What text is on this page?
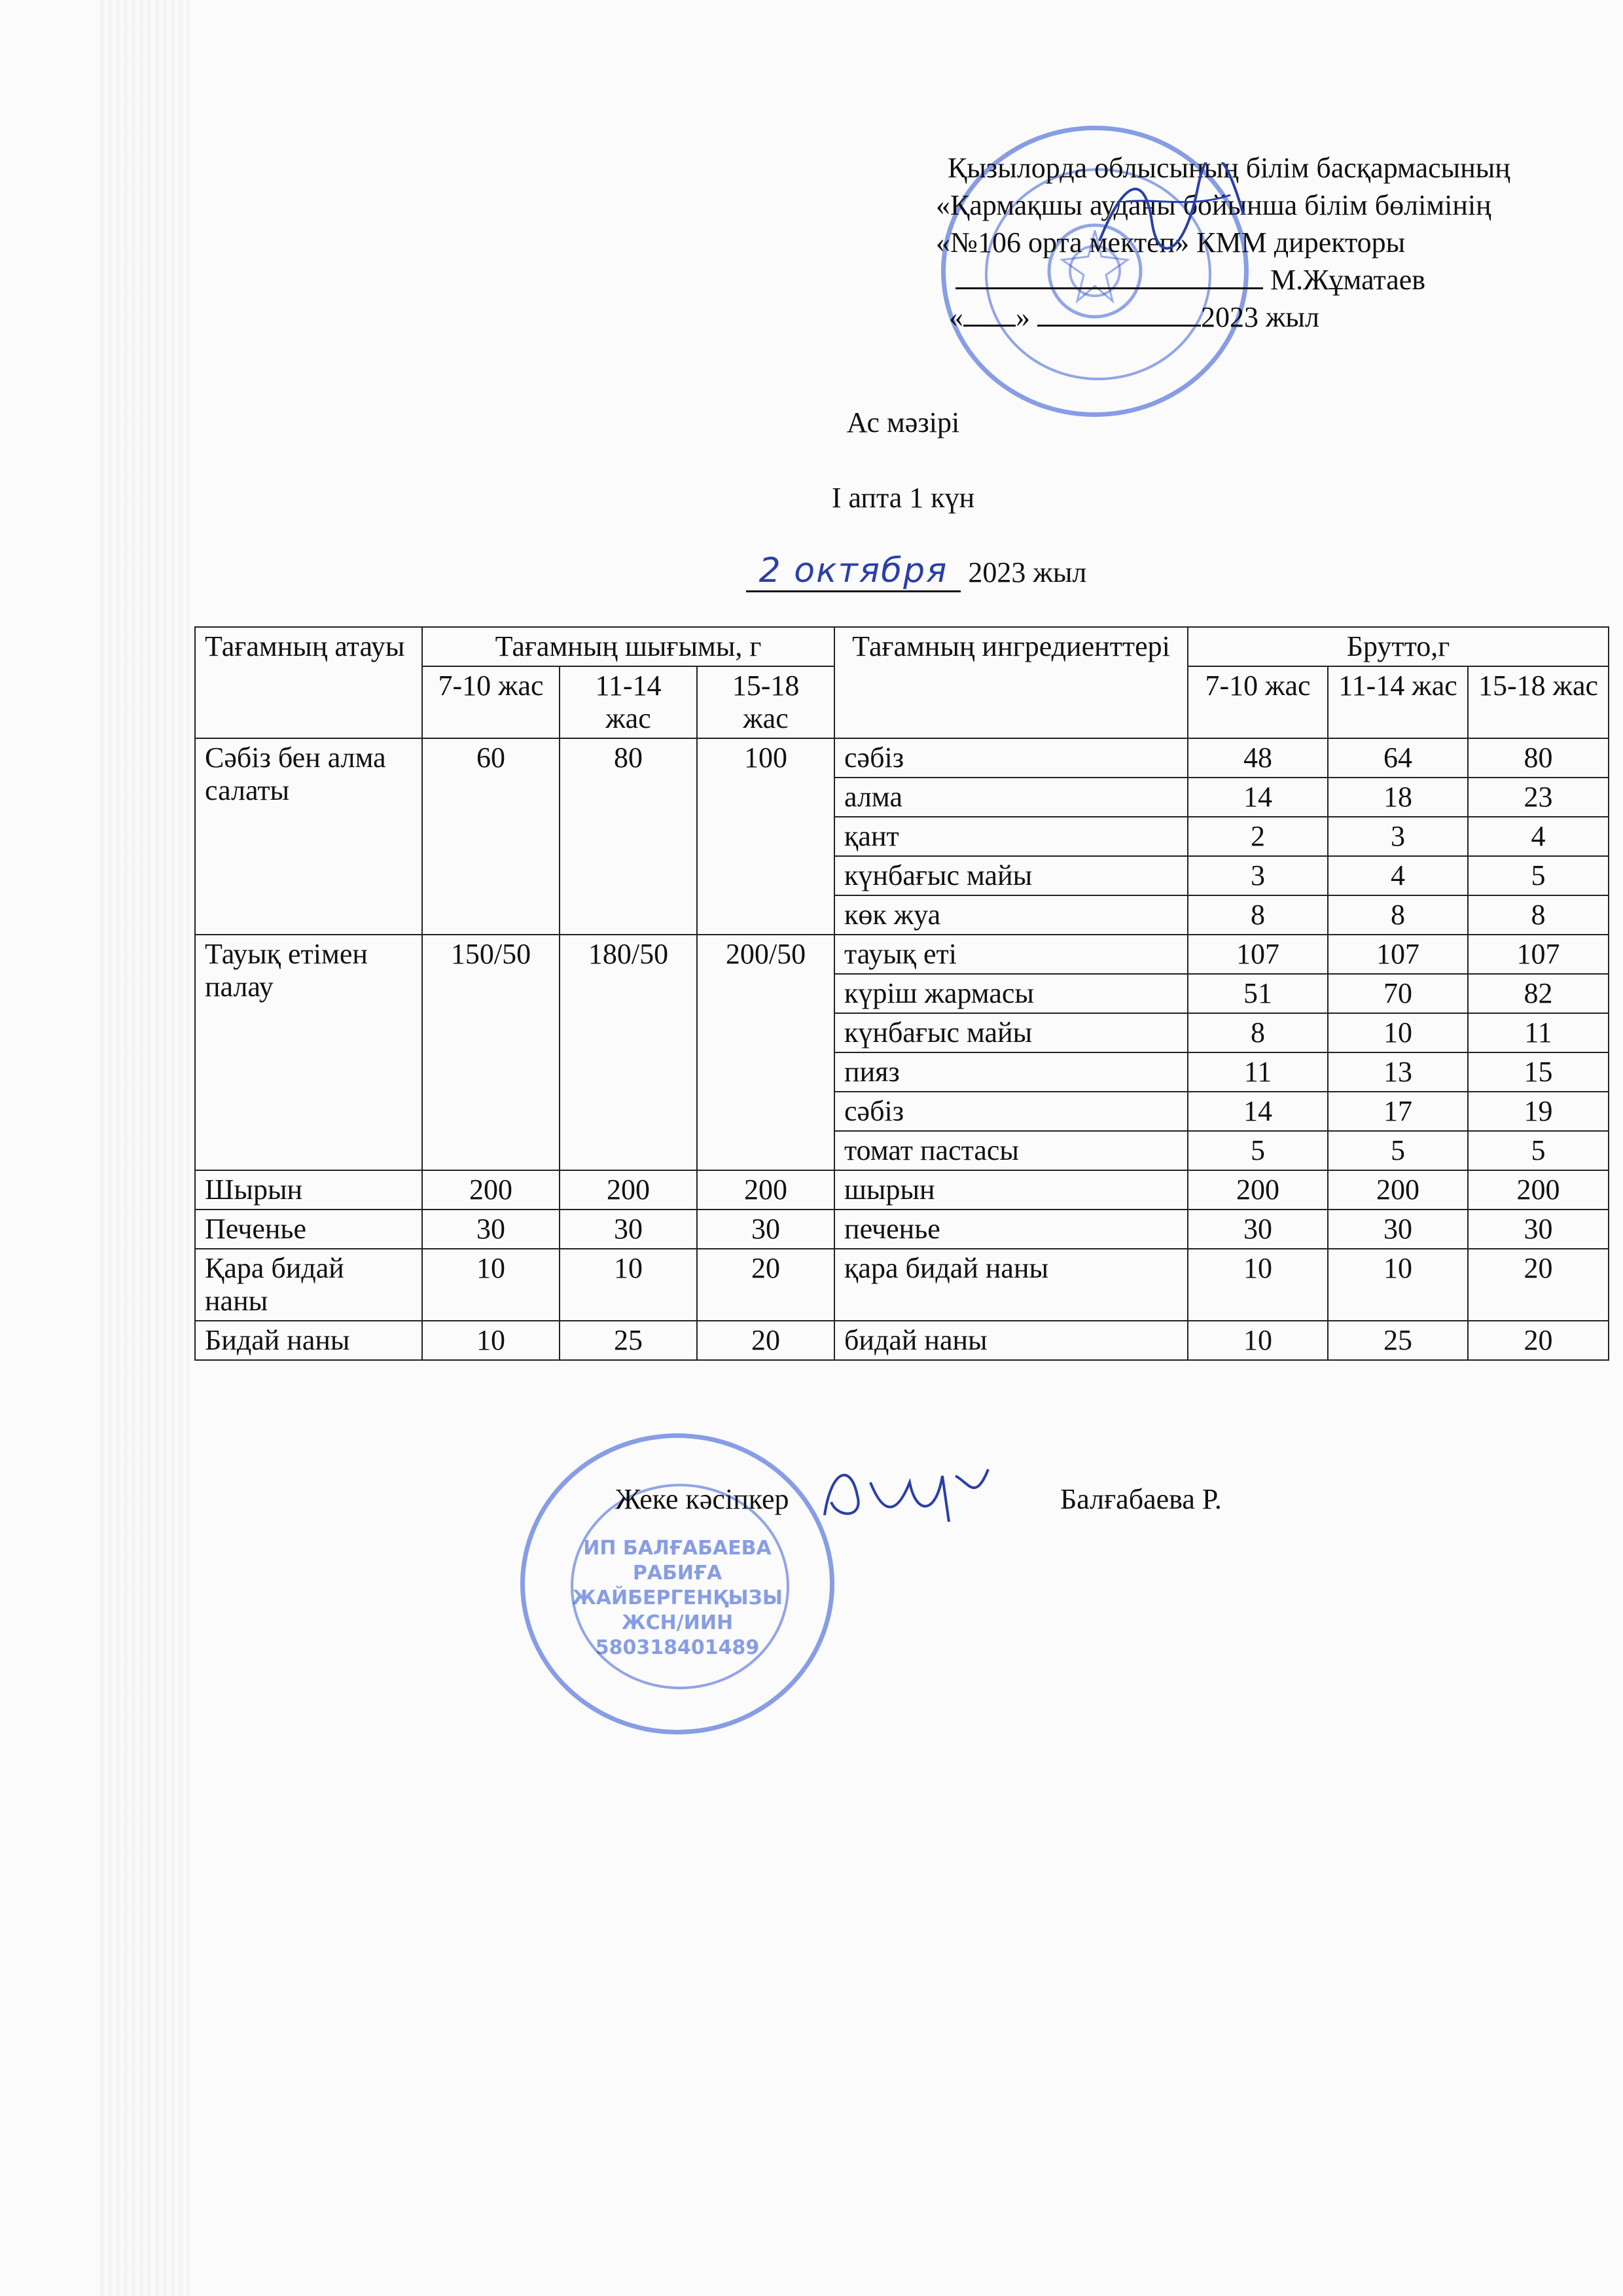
Қызылорда облысының білім басқармасының
«Қармақшы ауданы бойынша білім бөлімінің
«№106 орта мектеп» КММ директоры
М.Жұматаев
« »	2023 жыл
Ас мәзірі
I апта 1 күн
2 октября 2023 жыл
Тағамның атауы	Тағамның шығымы, г			Тағамның ингредиенттері	Брутто,г		
	7-10 жас	11-14 жас	15-18 жас		7-10 жас	11-14 жас	15-18 жас
Сәбіз бен алма салаты	60	80	100	сәбіз	48	64	80
				алма	14	18	23
				қант	2	3	4
				күнбағыс майы	3	4	5
				көк жуа	8	8	8
Тауық етімен палау	150/50	180/50	200/50	тауық еті	107	107	107
				күріш жармасы	51	70	82
				күнбағыс майы	8	10	11
				пияз	11	13	15
				сәбіз	14	17	19
				томат пастасы	5	5	5
Шырын	200	200	200	шырын	200	200	200
Печенье	30	30	30	печенье	30	30	30
Қара бидай наны	10	10	20	қара бидай наны	10	10	20
Бидай наны	10	25	20	бидай наны	10	25	20
ИП БАЛҒАБАЕВА
РАБИҒА
ЖАЙБЕРГЕНҚЫЗЫ
ЖСН/ИИН
580318401489
Жеке кәсіпкер	Балғабаева Р.
